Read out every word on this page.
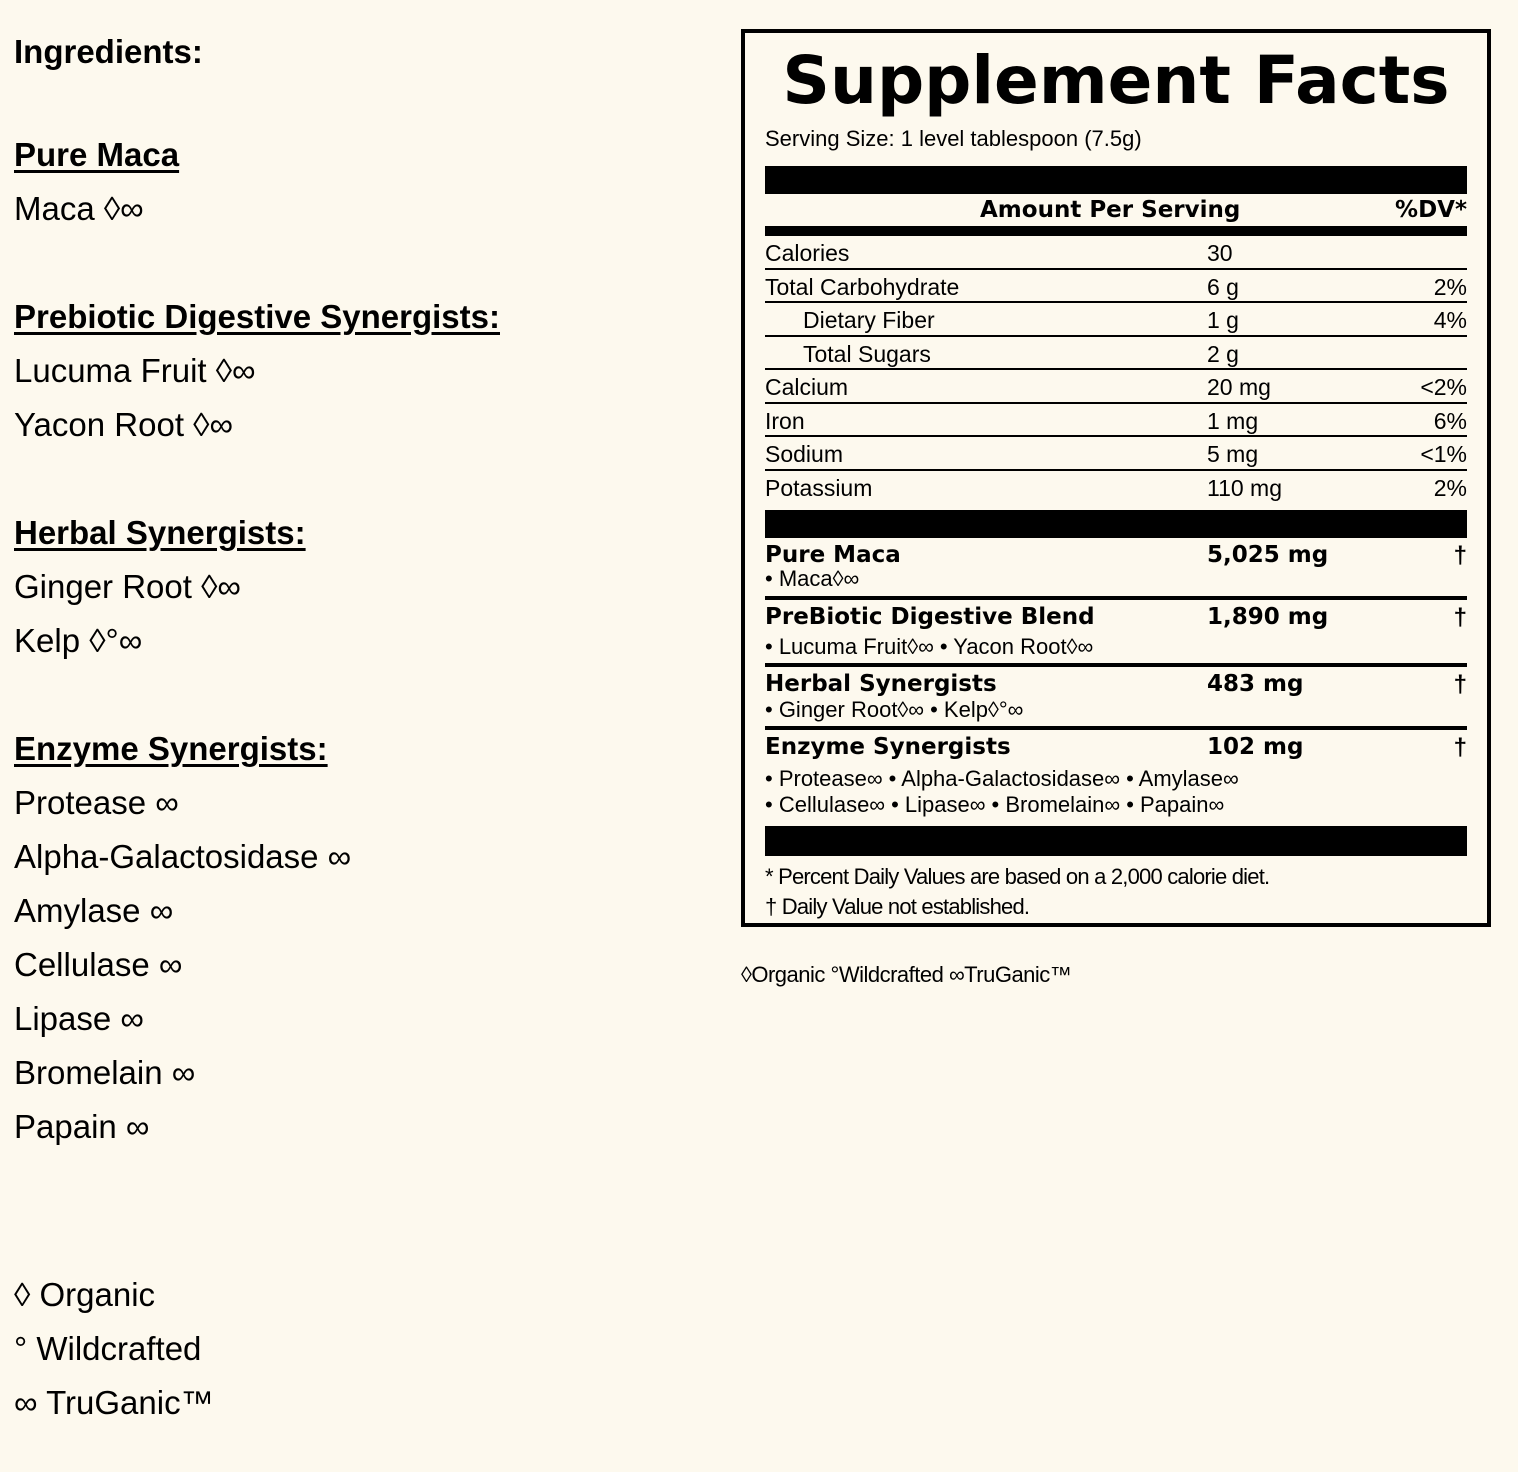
Ingredients:

Pure Maca

Maca ◊∞

Prebiotic Digestive Synergists:

Lucuma Fruit ◊∞

Yacon Root ◊∞

Herbal Synergists:

Ginger Root ◊∞

Kelp ◊°∞

Enzyme Synergists:

Protease ∞

Alpha-Galactosidase ∞

Amylase ∞

Cellulase ∞

Lipase ∞

Bromelain ∞

Papain ∞

◊ Organic

° Wildcrafted

∞ TruGanic™

Supplement Facts
Serving Size: 1 level tablespoon (7.5g)
Amount Per Serving	%DV*
Calories	30
Total Carbohydrate	6 g	2%
Dietary Fiber	1 g	4%
Total Sugars	2 g
Calcium	20 mg	<2%
Iron	1 mg	6%
Sodium	5 mg	<1%
Potassium	110 mg	2%
Pure Maca	5,025 mg	†
• Maca◊∞
PreBiotic Digestive Blend	1,890 mg	†
• Lucuma Fruit◊∞ • Yacon Root◊∞
Herbal Synergists	483 mg	†
• Ginger Root◊∞ • Kelp◊°∞
Enzyme Synergists	102 mg	†
• Protease∞ • Alpha-Galactosidase∞ • Amylase∞
• Cellulase∞ • Lipase∞ • Bromelain∞ • Papain∞
* Percent Daily Values are based on a 2,000 calorie diet.
† Daily Value not established.
◊Organic °Wildcrafted ∞TruGanic™
